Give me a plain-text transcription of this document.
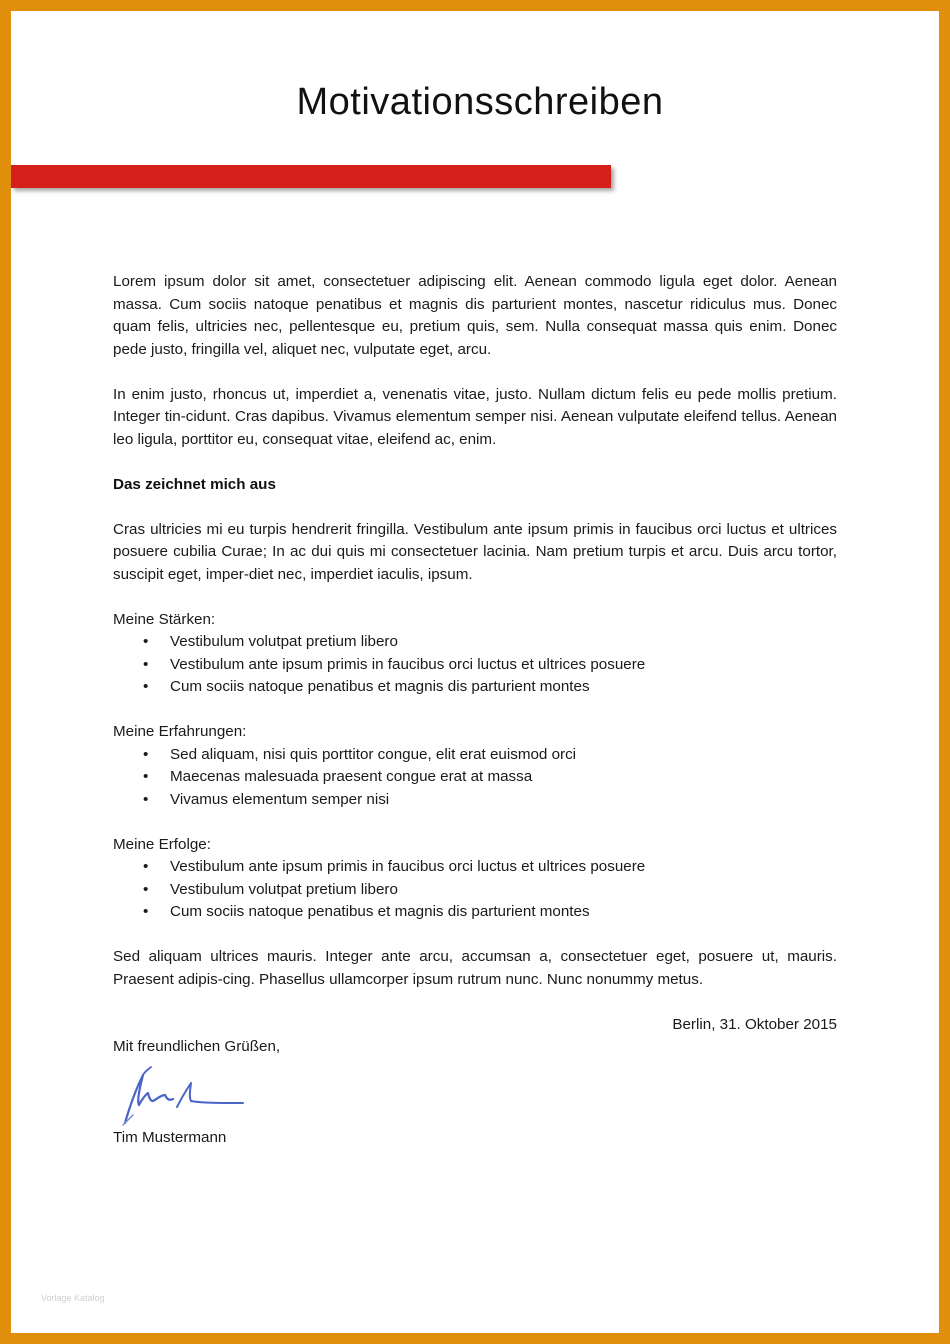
Motivationsschreiben

Lorem ipsum dolor sit amet, consectetuer adipiscing elit. Aenean commodo ligula eget dolor. Aenean massa. Cum sociis natoque penatibus et magnis dis parturient montes, nascetur ridiculus mus. Donec quam felis, ultricies nec, pellentesque eu, pretium quis, sem. Nulla consequat massa quis enim. Donec pede justo, fringilla vel, aliquet nec, vulputate eget, arcu.

In enim justo, rhoncus ut, imperdiet a, venenatis vitae, justo. Nullam dictum felis eu pede mollis pretium. Integer tin-cidunt. Cras dapibus. Vivamus elementum semper nisi. Aenean vulputate eleifend tellus. Aenean leo ligula, porttitor eu, consequat vitae, eleifend ac, enim.

Das zeichnet mich aus

Cras ultricies mi eu turpis hendrerit fringilla. Vestibulum ante ipsum primis in faucibus orci luctus et ultrices posuere cubilia Curae; In ac dui quis mi consectetuer lacinia. Nam pretium turpis et arcu. Duis arcu tortor, suscipit eget, imper-diet nec, imperdiet iaculis, ipsum.

Meine Stärken:

• Vestibulum volutpat pretium libero
• Vestibulum ante ipsum primis in faucibus orci luctus et ultrices posuere
• Cum sociis natoque penatibus et magnis dis parturient montes

Meine Erfahrungen:

• Sed aliquam, nisi quis porttitor congue, elit erat euismod orci
• Maecenas malesuada praesent congue erat at massa
• Vivamus elementum semper nisi

Meine Erfolge:

• Vestibulum ante ipsum primis in faucibus orci luctus et ultrices posuere
• Vestibulum volutpat pretium libero
• Cum sociis natoque penatibus et magnis dis parturient montes

Sed aliquam ultrices mauris. Integer ante arcu, accumsan a, consectetuer eget, posuere ut, mauris. Praesent adipis-cing. Phasellus ullamcorper ipsum rutrum nunc. Nunc nonummy metus.

Berlin, 31. Oktober 2015

Mit freundlichen Grüßen,

Tim Mustermann

Vorlage Katalog
